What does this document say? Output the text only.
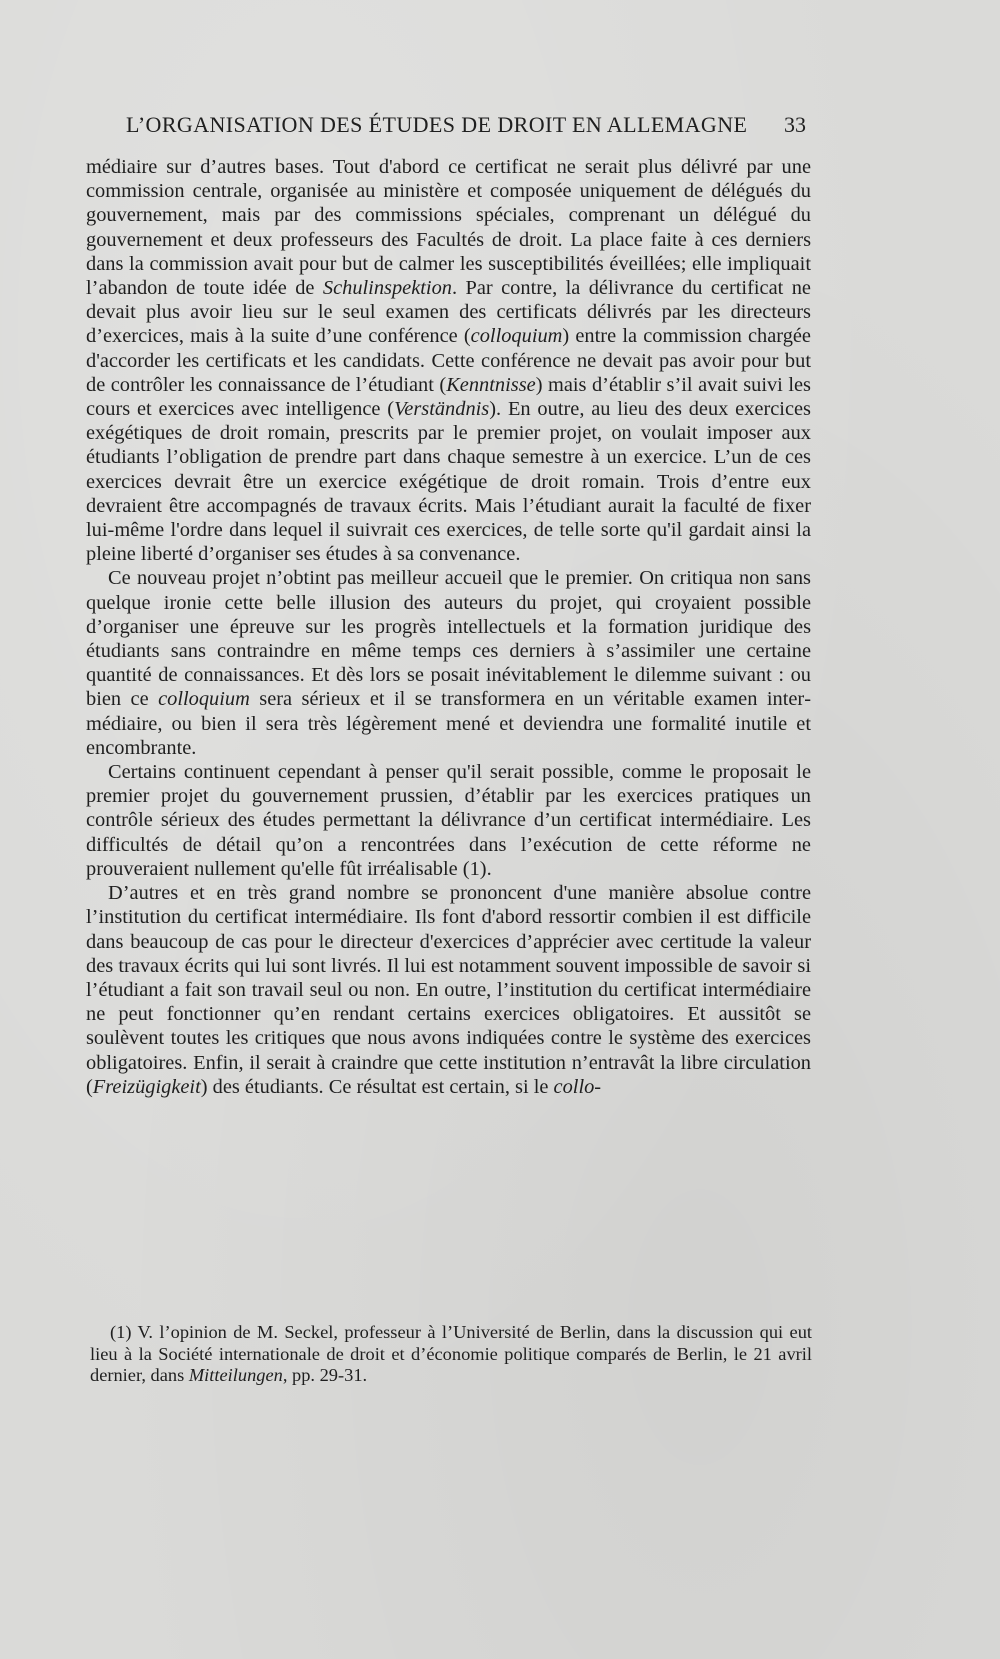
L’ORGANISATION DES ÉTUDES DE DROIT EN ALLEMAGNE 33

médiaire sur d’autres bases. Tout d'abord ce certificat ne serait plus délivré par une commission centrale, organisée au ministère et composée uniquement de délégués du gouvernement, mais par des commissions spéciales, comprenant un délégué du gouvernement et deux professeurs des Facultés de droit. La place faite à ces derniers dans la commission avait pour but de calmer les susceptibilités éveillées; elle impliquait l’abandon de toute idée de Schulinspektion. Par contre, la délivrance du certificat ne devait plus avoir lieu sur le seul examen des certificats délivrés par les directeurs d’exercices, mais à la suite d’une conférence (colloquium) entre la commission chargée d'accorder les certificats et les candidats. Cette conférence ne devait pas avoir pour but de contrôler les connaissance de l’étudiant (Kenntnisse) mais d’établir s’il avait suivi les cours et exercices avec intelligence (Verständnis). En outre, au lieu des deux exercices exégétiques de droit romain, prescrits par le premier projet, on voulait imposer aux étudiants l’obligation de prendre part dans chaque semestre à un exercice. L’un de ces exercices devrait être un exercice exégétique de droit romain. Trois d’entre eux devraient être accompagnés de travaux écrits. Mais l’étudiant aurait la faculté de fixer lui-même l'ordre dans lequel il suivrait ces exercices, de telle sorte qu'il gardait ainsi la pleine liberté d’organiser ses études à sa convenance.

Ce nouveau projet n’obtint pas meilleur accueil que le premier. On critiqua non sans quelque ironie cette belle illusion des auteurs du projet, qui croyaient possible d’organiser une épreuve sur les progrès intellectuels et la formation juridique des étudiants sans contraindre en même temps ces derniers à s’assimiler une certaine quantité de connaissances. Et dès lors se posait inévitablement le dilemme suivant : ou bien ce colloquium sera sérieux et il se transformera en un véritable examen intermédiaire, ou bien il sera très légèrement mené et deviendra une formalité inutile et encombrante.

Certains continuent cependant à penser qu'il serait possible, comme le proposait le premier projet du gouvernement prussien, d’établir par les exercices pratiques un contrôle sérieux des études permettant la délivrance d’un certificat intermédiaire. Les difficultés de détail qu’on a rencontrées dans l’exécution de cette réforme ne prouveraient nullement qu'elle fût irréalisable (1).

D’autres et en très grand nombre se prononcent d'une manière absolue contre l’institution du certificat intermédiaire. Ils font d'abord ressortir combien il est difficile dans beaucoup de cas pour le directeur d'exercices d’apprécier avec certitude la valeur des travaux écrits qui lui sont livrés. Il lui est notamment souvent impossible de savoir si l’étudiant a fait son travail seul ou non. En outre, l’institution du certificat intermédiaire ne peut fonctionner qu’en rendant certains exercices obligatoires. Et aussitôt se soulèvent toutes les critiques que nous avons indiquées contre le système des exercices obligatoires. Enfin, il serait à craindre que cette institution n’entravât la libre circulation (Freizügigkeit) des étudiants. Ce résultat est certain, si le collo-

(1) V. l’opinion de M. Seckel, professeur à l’Université de Berlin, dans la discussion qui eut lieu à la Société internationale de droit et d’économie politique comparés de Berlin, le 21 avril dernier, dans Mitteilungen, pp. 29-31.
